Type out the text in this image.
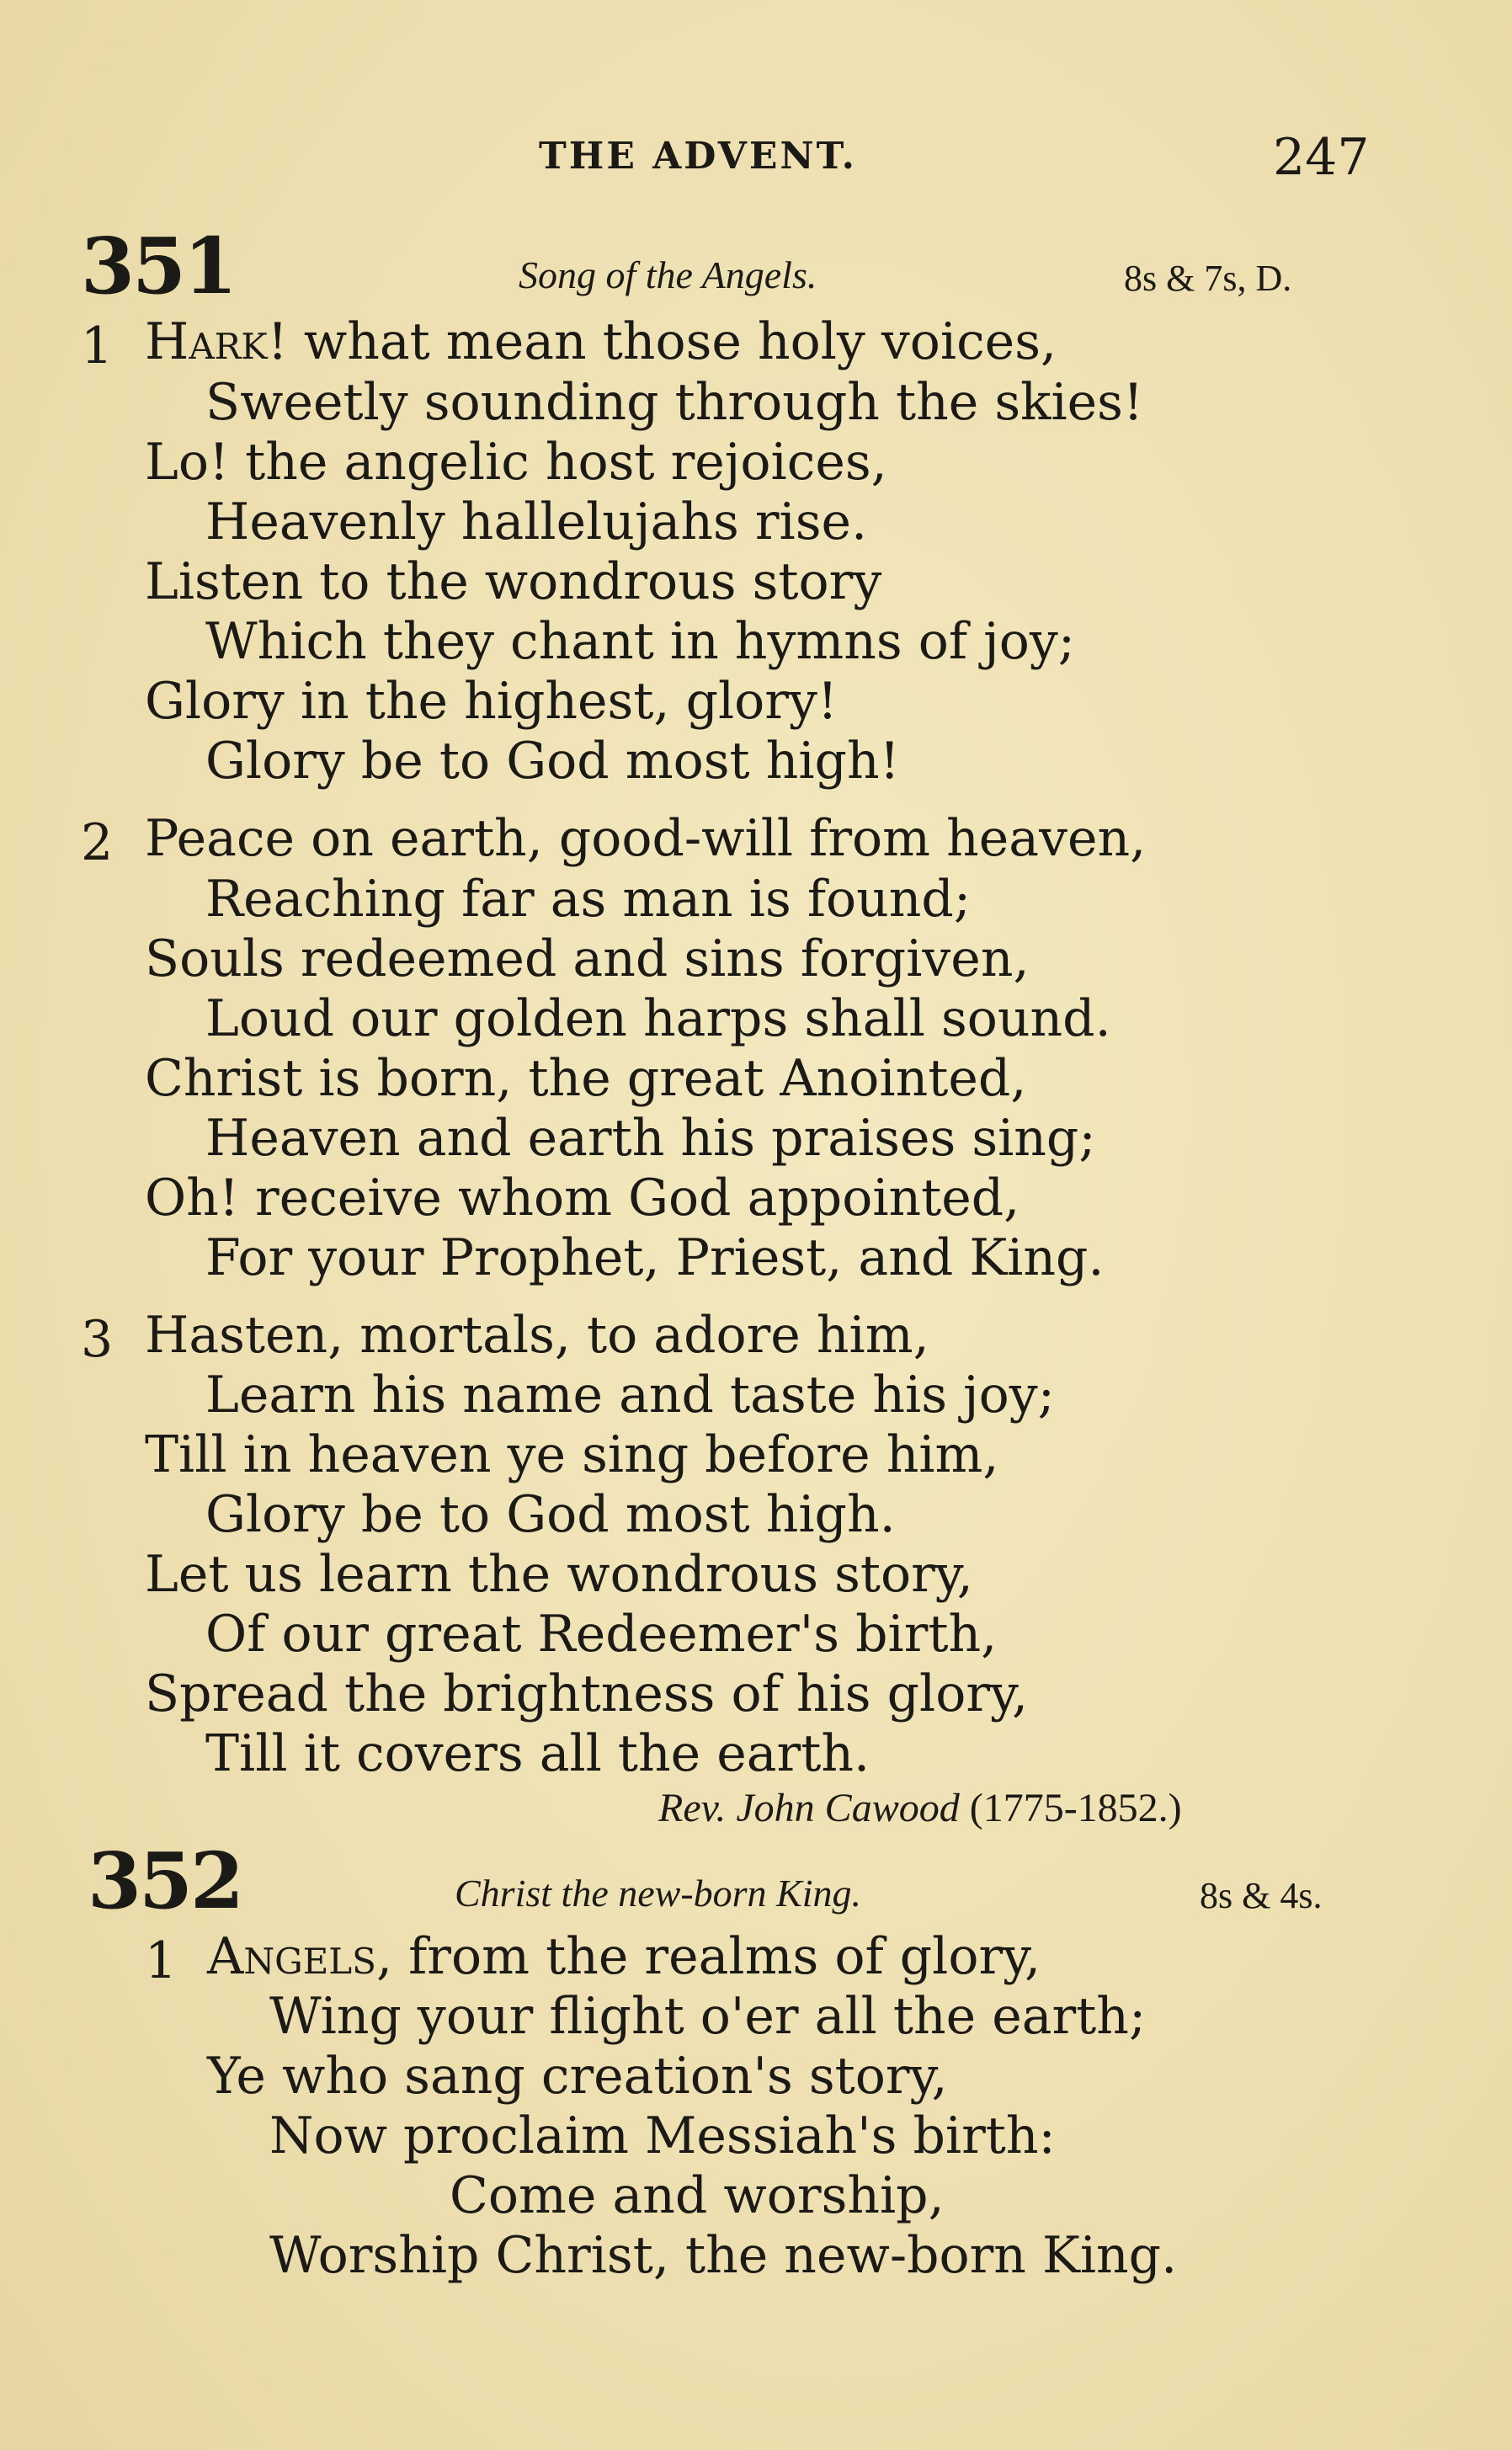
THE ADVENT.	247
351	Song of the Angels.	8s & 7s, D.
1 Hark! what mean those holy voices,
Sweetly sounding through the skies!
Lo! the angelic host rejoices,
Heavenly hallelujahs rise.
Listen to the wondrous story
Which they chant in hymns of joy;
Glory in the highest, glory!
Glory be to God most high!
2 Peace on earth, good-will from heaven,
Reaching far as man is found;
Souls redeemed and sins forgiven,
Loud our golden harps shall sound.
Christ is born, the great Anointed,
Heaven and earth his praises sing;
Oh! receive whom God appointed,
For your Prophet, Priest, and King.
3 Hasten, mortals, to adore him,
Learn his name and taste his joy;
Till in heaven ye sing before him,
Glory be to God most high.
Let us learn the wondrous story,
Of our great Redeemer's birth,
Spread the brightness of his glory,
Till it covers all the earth.
Rev. John Cawood (1775-1852.)
352	Christ the new-born King.	8s & 4s.
1 Angels, from the realms of glory,
Wing your flight o'er all the earth;
Ye who sang creation's story,
Now proclaim Messiah's birth:
Come and worship,
Worship Christ, the new-born King.
